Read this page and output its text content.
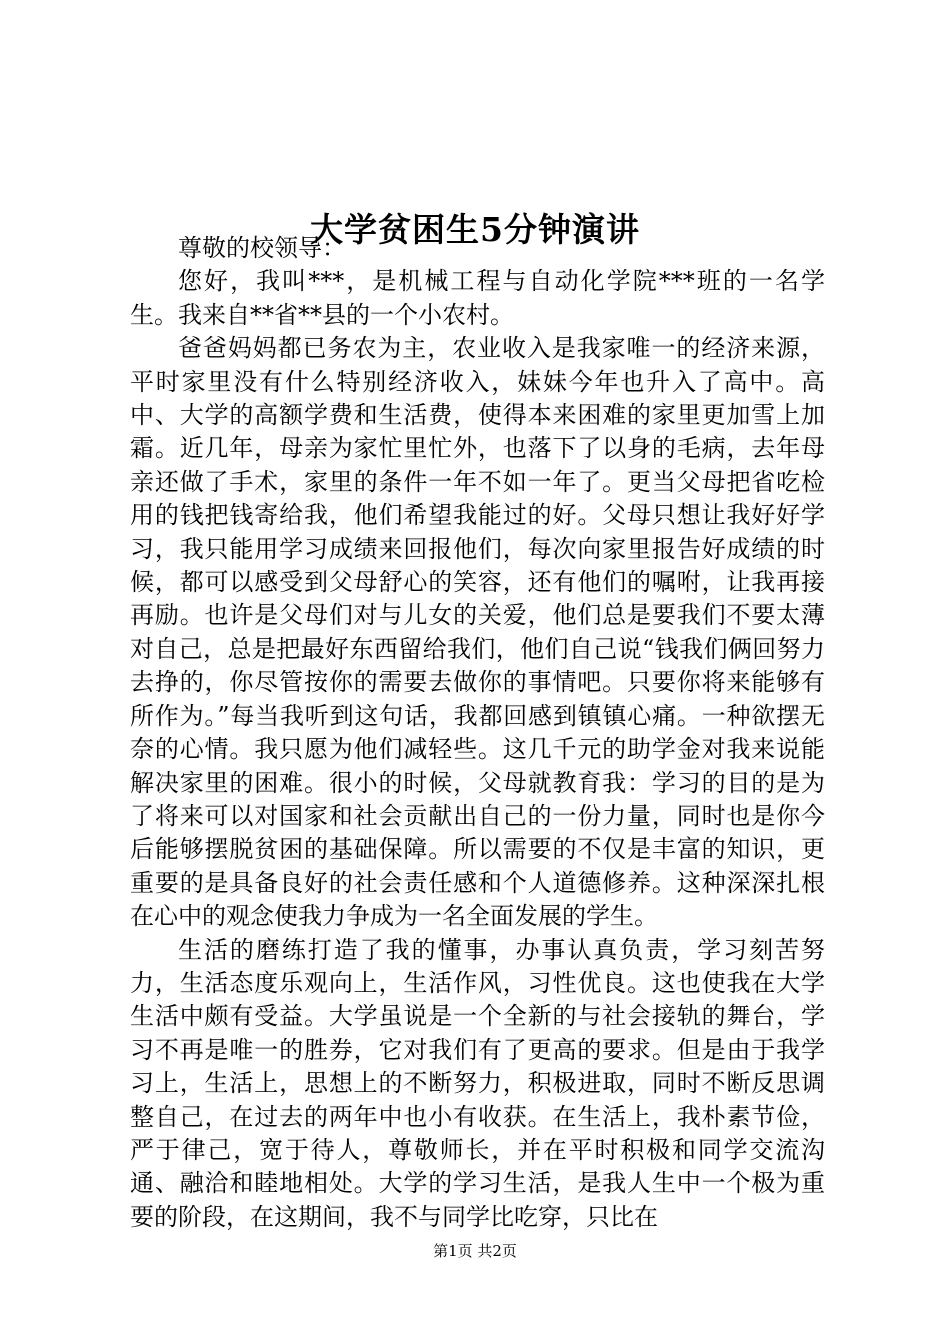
大学贫困生5分钟演讲

尊敬的校领导：

您好，我叫***，是机械工程与自动化学院***班的一名学生。我来自**省**县的一个小农村。

爸爸妈妈都已务农为主，农业收入是我家唯一的经济来源，平时家里没有什么特别经济收入，妹妹今年也升入了高中。高中、大学的高额学费和生活费，使得本来困难的家里更加雪上加霜。近几年，母亲为家忙里忙外，也落下了以身的毛病，去年母亲还做了手术，家里的条件一年不如一年了。更当父母把省吃检用的钱把钱寄给我，他们希望我能过的好。父母只想让我好好学习，我只能用学习成绩来回报他们，每次向家里报告好成绩的时候，都可以感受到父母舒心的笑容，还有他们的嘱咐，让我再接再励。也许是父母们对与儿女的关爱，他们总是要我们不要太薄对自己，总是把最好东西留给我们，他们自己说“钱我们俩回努力去挣的，你尽管按你的需要去做你的事情吧。只要你将来能够有所作为。”每当我听到这句话，我都回感到镇镇心痛。一种欲摆无奈的心情。我只愿为他们减轻些。这几千元的助学金对我来说能解决家里的困难。很小的时候，父母就教育我：学习的目的是为了将来可以对国家和社会贡献出自己的一份力量，同时也是你今后能够摆脱贫困的基础保障。所以需要的不仅是丰富的知识，更重要的是具备良好的社会责任感和个人道德修养。这种深深扎根在心中的观念使我力争成为一名全面发展的学生。

生活的磨练打造了我的懂事，办事认真负责，学习刻苦努力，生活态度乐观向上，生活作风，习性优良。这也使我在大学生活中颇有受益。大学虽说是一个全新的与社会接轨的舞台，学习不再是唯一的胜券，它对我们有了更高的要求。但是由于我学习上，生活上，思想上的不断努力，积极进取，同时不断反思调整自己，在过去的两年中也小有收获。在生活上，我朴素节俭，严于律己，宽于待人，尊敬师长，并在平时积极和同学交流沟通、融洽和睦地相处。大学的学习生活，是我人生中一个极为重要的阶段，在这期间，我不与同学比吃穿，只比在

第1页 共2页
